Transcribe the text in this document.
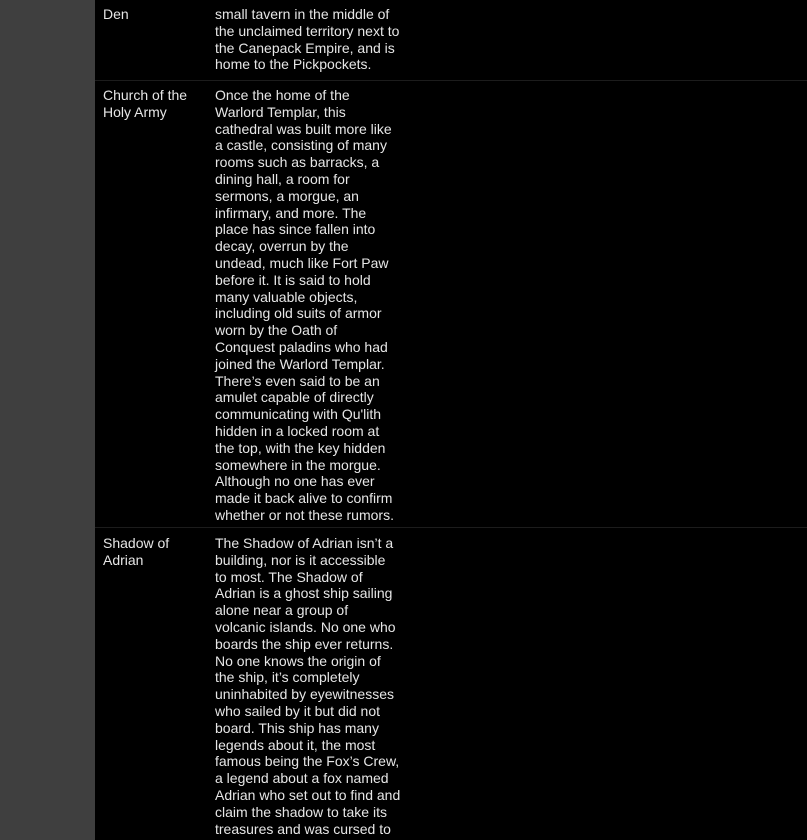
Den	small tavern in the middle of
the unclaimed territory next to
the Canepack Empire, and is
home to the Pickpockets.
Church of the Holy Army
Once the home of the
Warlord Templar, this
cathedral was built more like
a castle, consisting of many
rooms such as barracks, a
dining hall, a room for
sermons, a morgue, an
infirmary, and more. The
place has since fallen into
decay, overrun by the
undead, much like Fort Paw
before it. It is said to hold
many valuable objects,
including old suits of armor
worn by the Oath of
Conquest paladins who had
joined the Warlord Templar.
There’s even said to be an
amulet capable of directly
communicating with Qu'lith
hidden in a locked room at
the top, with the key hidden
somewhere in the morgue.
Although no one has ever
made it back alive to confirm
whether or not these rumors.
Shadow of Adrian
The Shadow of Adrian isn’t a
building, nor is it accessible
to most. The Shadow of
Adrian is a ghost ship sailing
alone near a group of
volcanic islands. No one who
boards the ship ever returns.
No one knows the origin of
the ship, it’s completely
uninhabited by eyewitnesses
who sailed by it but did not
board. This ship has many
legends about it, the most
famous being the Fox’s Crew,
a legend about a fox named
Adrian who set out to find and
claim the shadow to take its
treasures and was cursed to
